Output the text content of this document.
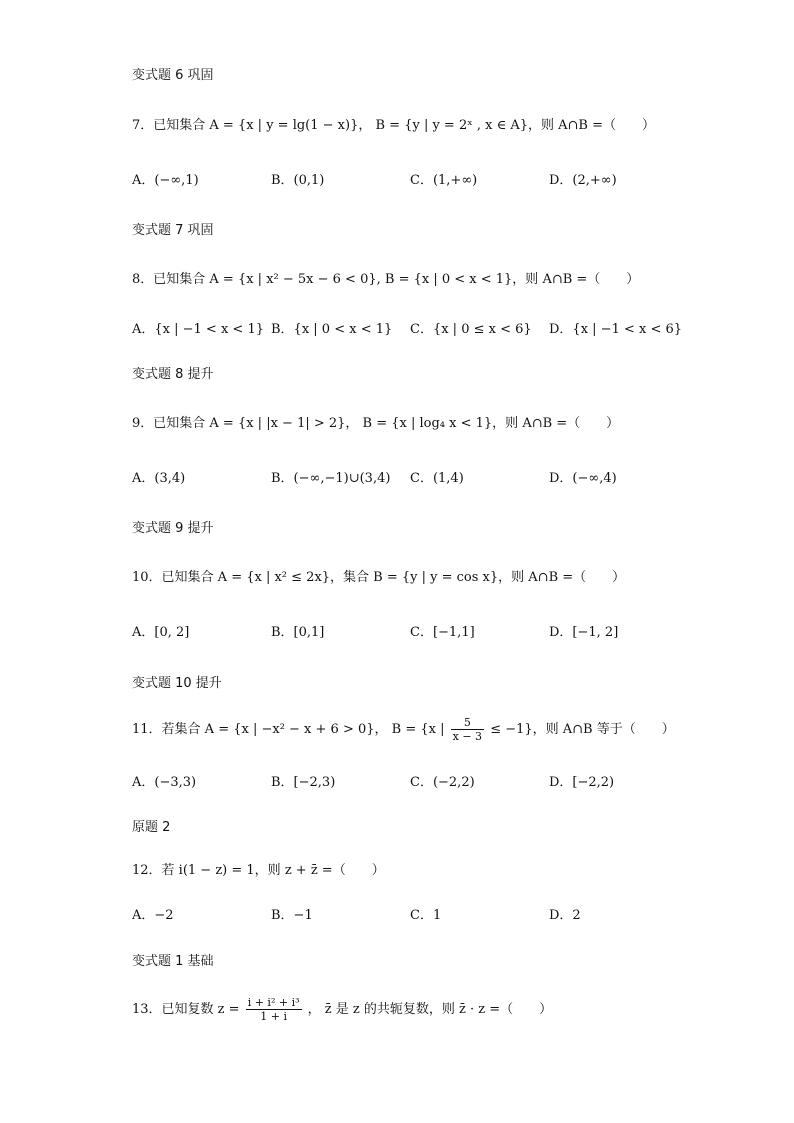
变式题 6 巩固
变式题 7 巩固
变式题 8 提升
变式题 9 提升
变式题 10 提升
原题 2
变式题 1 基础
7．已知集合 A = {x | y = lg(1 − x)}， B = {y | y = 2ˣ , x ∈ A}，则 A∩B =（　　）
A．(−∞,1)	B．(0,1)	C．(1,+∞)	D．(2,+∞)
8．已知集合 A = {x | x² − 5x − 6 < 0}, B = {x | 0 < x < 1}，则 A∩B =（　　）
A．{x | −1 < x < 1} B．{x | 0 < x < 1} C．{x | 0 ≤ x < 6} D．{x | −1 < x < 6}
9．已知集合 A = {x | |x − 1| > 2}， B = {x | log₄ x < 1}，则 A∩B =（　　）
A．(3,4)	B．(−∞,−1)∪(3,4) C．(1,4)	D．(−∞,4)
10．已知集合 A = {x | x² ≤ 2x}，集合 B = {y | y = cos x}，则 A∩B =（　　）
A．[0, 2]	B．[0,1]	C．[−1,1]	D．[−1, 2]
11．若集合 A = {x | −x² − x + 6 > 0}， B = {x | $\frac{5}{x - 3} \le -1$}，则 A∩B 等于（　　）
A．(−3,3)	B．[−2,3)	C．(−2,2)	D．[−2,2)
12．若 i(1 − z) = 1，则 z + z̄ =（　　）
A．−2	B．−1	C．1	D．2
13．已知复数 $z = \frac{\text{i + i² + i³}}{1 + i}$ ， z̄ 是 z 的共轭复数，则 z̄ · z =（　　）
